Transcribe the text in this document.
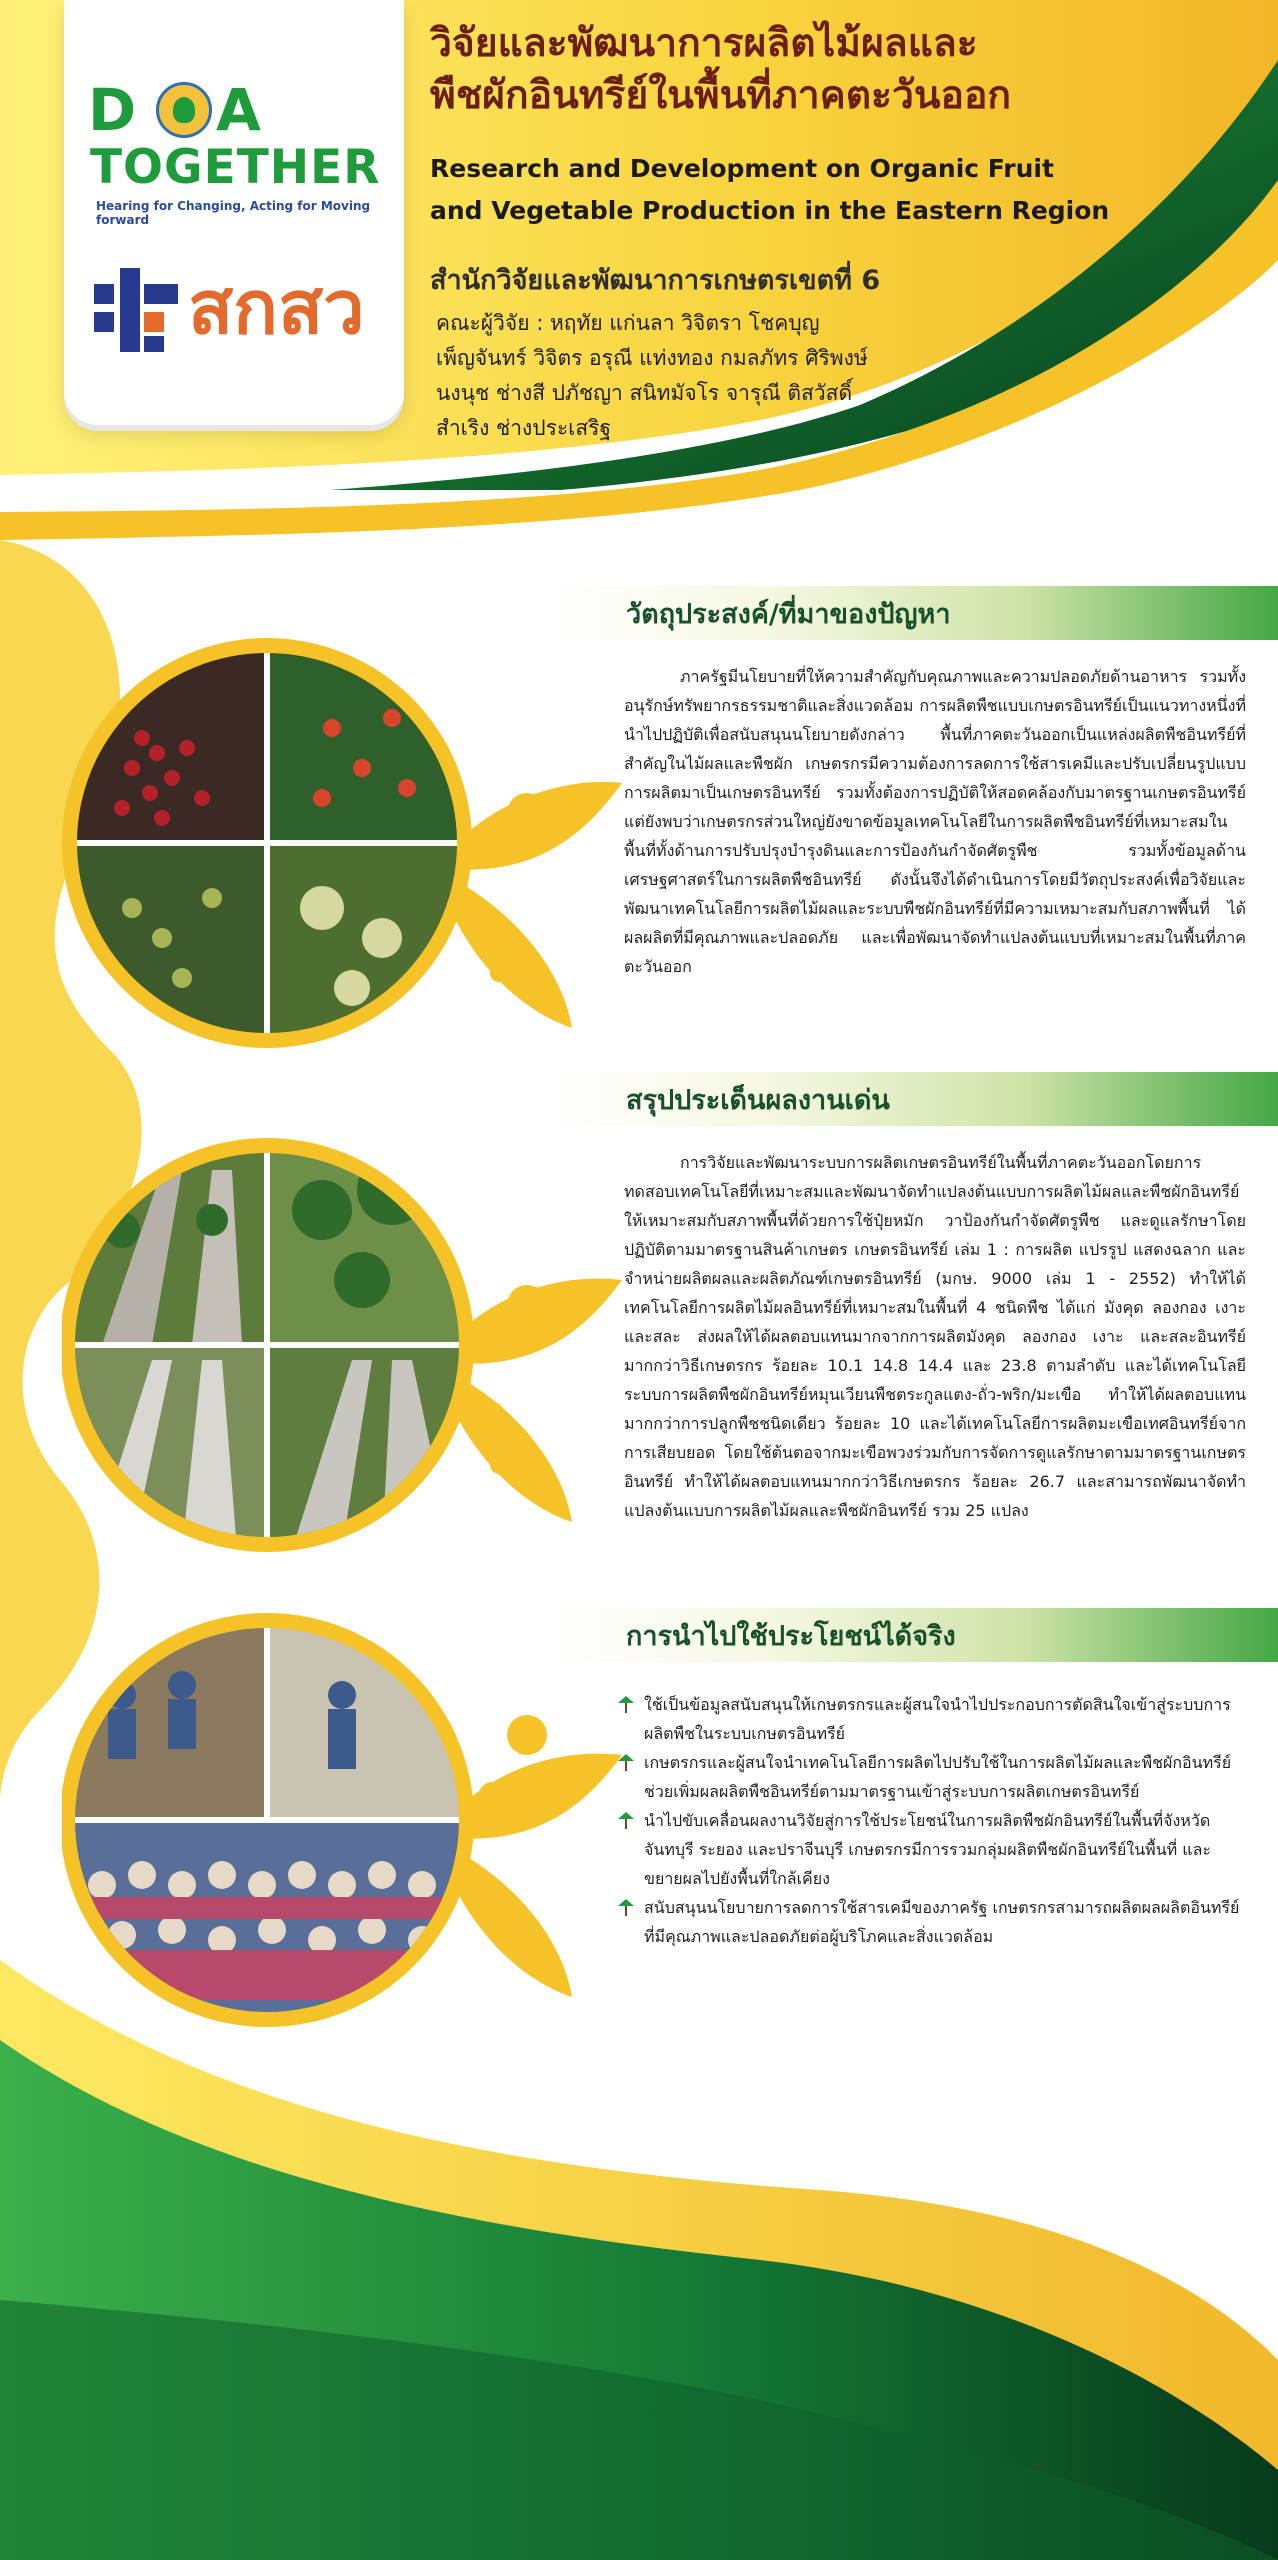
D A
TOGETHER
Hearing for Changing, Acting for Moving forward
สกสว
วิจัยและพัฒนาการผลิตไม้ผลและ
พืชผักอินทรีย์ในพื้นที่ภาคตะวันออก
Research and Development on Organic Fruit
and Vegetable Production in the Eastern Region
สำนักวิจัยและพัฒนาการเกษตรเขตที่ 6
คณะผู้วิจัย : หฤทัย แก่นลา วิจิตรา โชคบุญ
เพ็ญจันทร์ วิจิตร อรุณี แท่งทอง กมลภัทร ศิริพงษ์
นงนุช ช่างสี ปภัชญา สนิทมัจโร จารุณี ติสวัสดิ์
สำเริง ช่างประเสริฐ
วัตถุประสงค์/ที่มาของปัญหา

ภาครัฐมีนโยบายที่ให้ความสำคัญกับคุณภาพและความปลอดภัยด้านอาหาร รวมทั้งอนุรักษ์ทรัพยากรธรรมชาติและสิ่งแวดล้อม การผลิตพืชแบบเกษตรอินทรีย์เป็นแนวทางหนึ่งที่นำไปปฏิบัติเพื่อสนับสนุนนโยบายดังกล่าว พื้นที่ภาคตะวันออกเป็นแหล่งผลิตพืชอินทรีย์ที่สำคัญในไม้ผลและพืชผัก เกษตรกรมีความต้องการลดการใช้สารเคมีและปรับเปลี่ยนรูปแบบการผลิตมาเป็นเกษตรอินทรีย์ รวมทั้งต้องการปฏิบัติให้สอดคล้องกับมาตรฐานเกษตรอินทรีย์ แต่ยังพบว่าเกษตรกรส่วนใหญ่ยังขาดข้อมูลเทคโนโลยีในการผลิตพืชอินทรีย์ที่เหมาะสมในพื้นที่ทั้งด้านการปรับปรุงบำรุงดินและการป้องกันกำจัดศัตรูพืช รวมทั้งข้อมูลด้านเศรษฐศาสตร์ในการผลิตพืชอินทรีย์ ดังนั้นจึงได้ดำเนินการโดยมีวัตถุประสงค์เพื่อวิจัยและพัฒนาเทคโนโลยีการผลิตไม้ผลและระบบพืชผักอินทรีย์ที่มีความเหมาะสมกับสภาพพื้นที่ ได้ผลผลิตที่มีคุณภาพและปลอดภัย และเพื่อพัฒนาจัดทำแปลงต้นแบบที่เหมาะสมในพื้นที่ภาคตะวันออก

สรุปประเด็นผลงานเด่น

การวิจัยและพัฒนาระบบการผลิตเกษตรอินทรีย์ในพื้นที่ภาคตะวันออกโดยการทดสอบเทคโนโลยีที่เหมาะสมและพัฒนาจัดทำแปลงต้นแบบการผลิตไม้ผลและพืชผักอินทรีย์ให้เหมาะสมกับสภาพพื้นที่ด้วยการใช้ปุ๋ยหมัก วาป้องกันกำจัดศัตรูพืช และดูแลรักษาโดยปฏิบัติตามมาตรฐานสินค้าเกษตร เกษตรอินทรีย์ เล่ม 1 : การผลิต แปรรูป แสดงฉลาก และจำหน่ายผลิตผลและผลิตภัณฑ์เกษตรอินทรีย์ (มกษ. 9000 เล่ม 1 - 2552) ทำให้ได้เทคโนโลยีการผลิตไม้ผลอินทรีย์ที่เหมาะสมในพื้นที่ 4 ชนิดพืช ได้แก่ มังคุด ลองกอง เงาะ และสละ ส่งผลให้ได้ผลตอบแทนมากจากการผลิตมังคุด ลองกอง เงาะ และสละอินทรีย์มากกว่าวิธีเกษตรกร ร้อยละ 10.1 14.8 14.4 และ 23.8 ตามลำดับ และได้เทคโนโลยีระบบการผลิตพืชผักอินทรีย์หมุนเวียนพืชตระกูลแตง-ถั่ว-พริก/มะเขือ ทำให้ได้ผลตอบแทนมากกว่าการปลูกพืชชนิดเดียว ร้อยละ 10 และได้เทคโนโลยีการผลิตมะเขือเทศอินทรีย์จากการเสียบยอด โดยใช้ต้นตอจากมะเขือพวงร่วมกับการจัดการดูแลรักษาตามมาตรฐานเกษตรอินทรีย์ ทำให้ได้ผลตอบแทนมากกว่าวิธีเกษตรกร ร้อยละ 26.7 และสามารถพัฒนาจัดทำแปลงต้นแบบการผลิตไม้ผลและพืชผักอินทรีย์ รวม 25 แปลง

การนำไปใช้ประโยชน์ได้จริง
ใช้เป็นข้อมูลสนับสนุนให้เกษตรกรและผู้สนใจนำไปประกอบการตัดสินใจเข้าสู่ระบบการผลิตพืชในระบบเกษตรอินทรีย์
เกษตรกรและผู้สนใจนำเทคโนโลยีการผลิตไปปรับใช้ในการผลิตไม้ผลและพืชผักอินทรีย์ ช่วยเพิ่มผลผลิตพืชอินทรีย์ตามมาตรฐานเข้าสู่ระบบการผลิตเกษตรอินทรีย์
นำไปขับเคลื่อนผลงานวิจัยสู่การใช้ประโยชน์ในการผลิตพืชผักอินทรีย์ในพื้นที่จังหวัดจันทบุรี ระยอง และปราจีนบุรี เกษตรกรมีการรวมกลุ่มผลิตพืชผักอินทรีย์ในพื้นที่ และขยายผลไปยังพื้นที่ใกล้เคียง
สนับสนุนนโยบายการลดการใช้สารเคมีของภาครัฐ เกษตรกรสามารถผลิตผลผลิตอินทรีย์ที่มีคุณภาพและปลอดภัยต่อผู้บริโภคและสิ่งแวดล้อม
